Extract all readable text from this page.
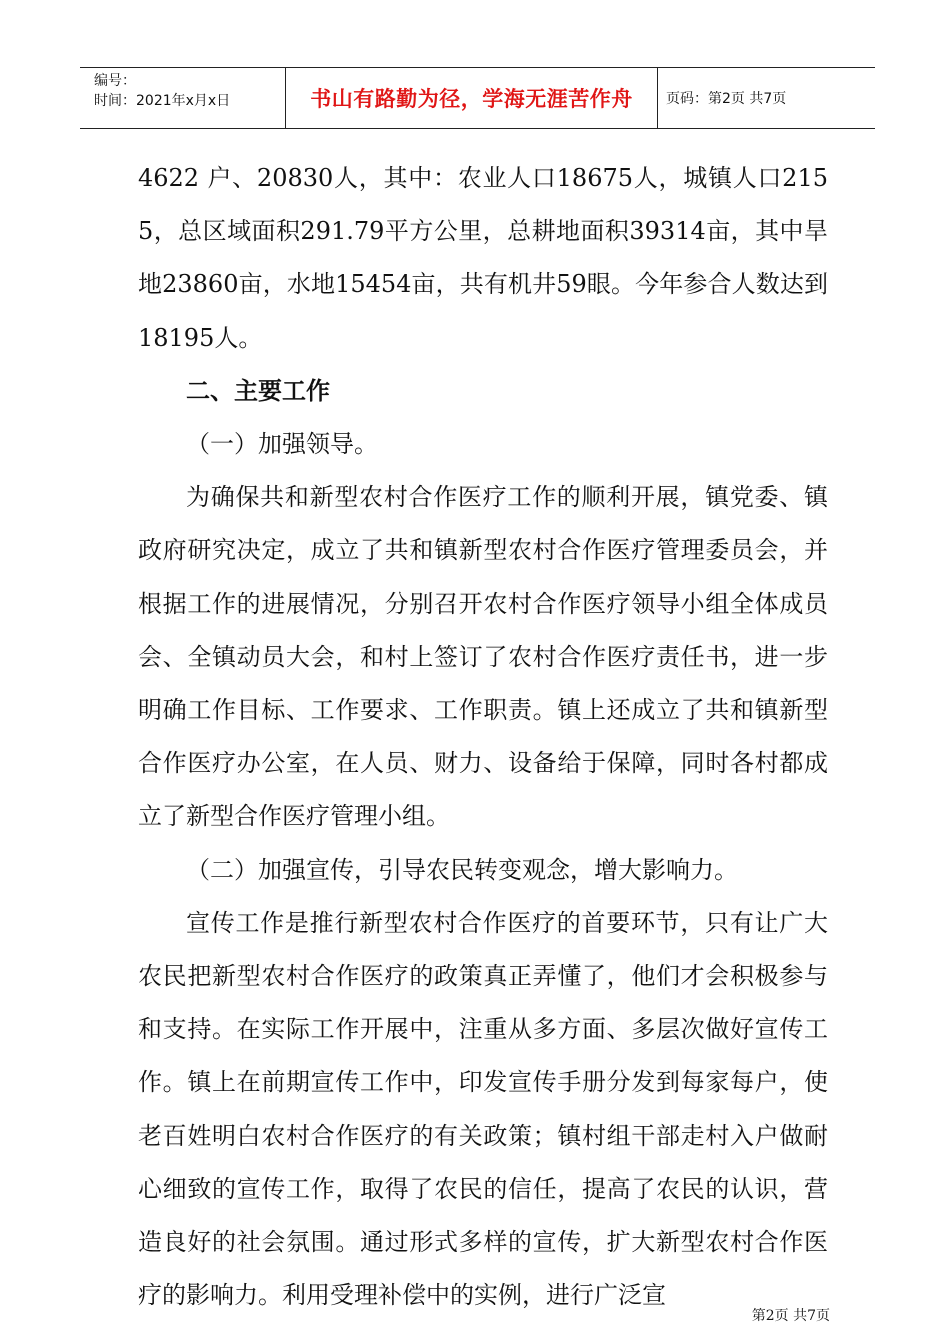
编号：
时间：2021年x月x日	书山有路勤为径，学海无涯苦作舟	页码：第2页 共7页

4622 户、20830人，其中：农业人口18675人，城镇人口2155，总区域面积291.79平方公里，总耕地面积39314亩，其中旱地23860亩，水地15454亩，共有机井59眼。今年参合人数达到18195人。

二、主要工作

（一）加强领导。

为确保共和新型农村合作医疗工作的顺利开展，镇党委、镇政府研究决定，成立了共和镇新型农村合作医疗管理委员会，并根据工作的进展情况，分别召开农村合作医疗领导小组全体成员会、全镇动员大会，和村上签订了农村合作医疗责任书，进一步明确工作目标、工作要求、工作职责。镇上还成立了共和镇新型合作医疗办公室，在人员、财力、设备给于保障，同时各村都成立了新型合作医疗管理小组。

（二）加强宣传，引导农民转变观念，增大影响力。

宣传工作是推行新型农村合作医疗的首要环节，只有让广大农民把新型农村合作医疗的政策真正弄懂了，他们才会积极参与和支持。在实际工作开展中，注重从多方面、多层次做好宣传工作。镇上在前期宣传工作中，印发宣传手册分发到每家每户，使老百姓明白农村合作医疗的有关政策；镇村组干部走村入户做耐心细致的宣传工作，取得了农民的信任，提高了农民的认识，营造良好的社会氛围。通过形式多样的宣传，扩大新型农村合作医疗的影响力。利用受理补偿中的实例，进行广泛宣

第2页 共7页
